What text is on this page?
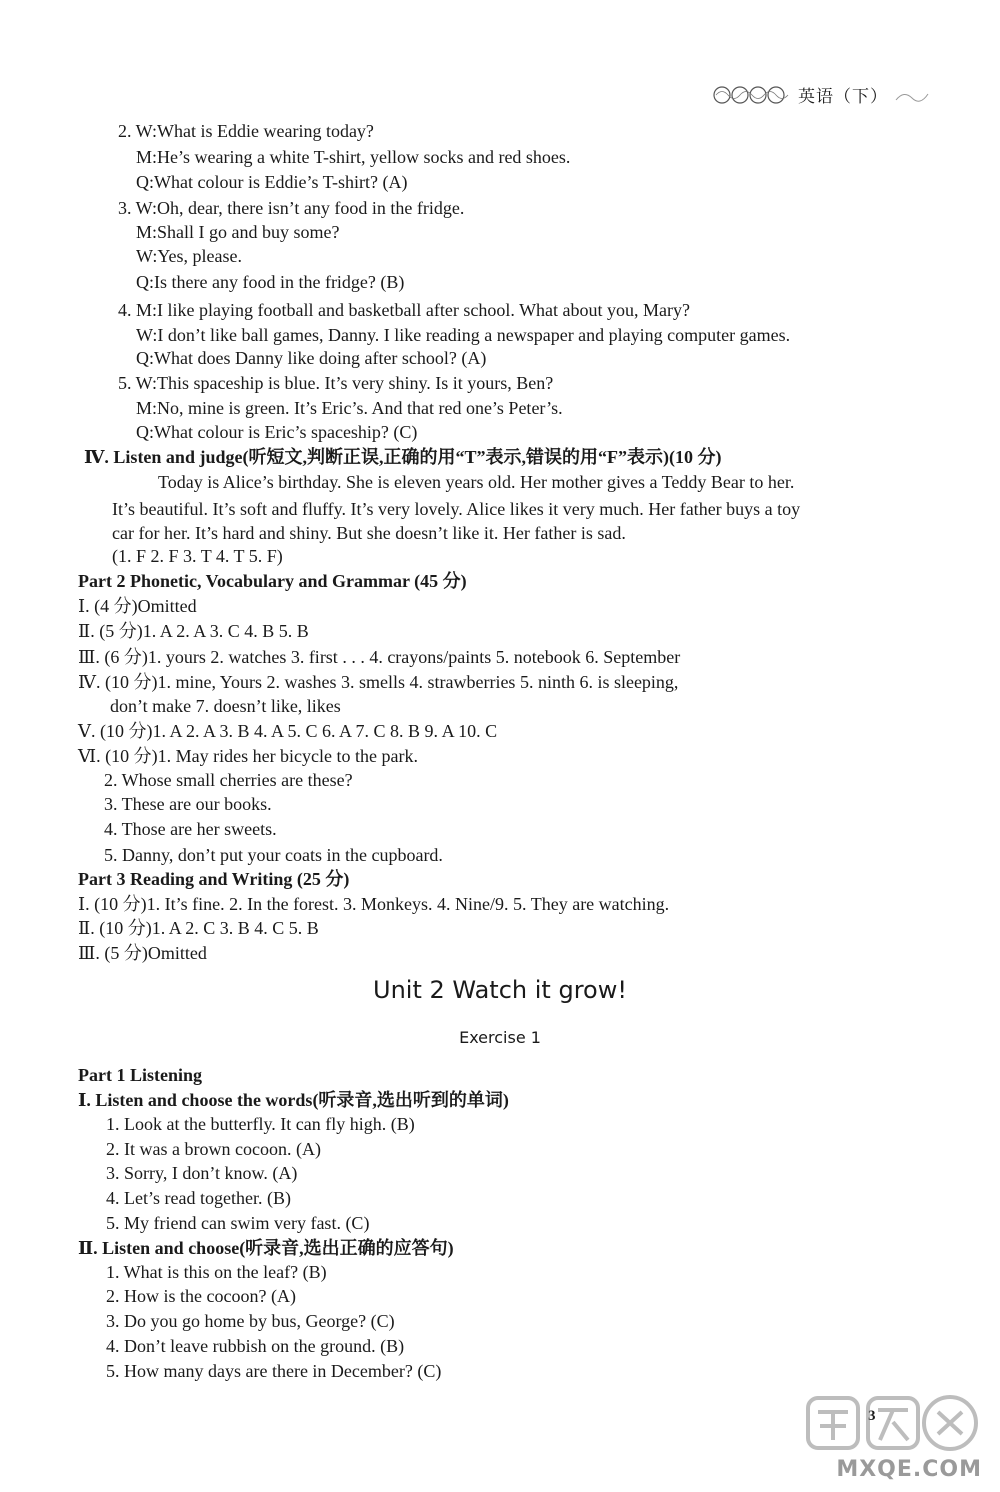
英语（下）
2. W:What is Eddie wearing today?
M:He’s wearing a white T-shirt, yellow socks and red shoes.
Q:What colour is Eddie’s T-shirt? (A)
3. W:Oh, dear, there isn’t any food in the fridge.
M:Shall I go and buy some?
W:Yes, please.
Q:Is there any food in the fridge? (B)
4. M:I like playing football and basketball after school. What about you, Mary?
W:I don’t like ball games, Danny. I like reading a newspaper and playing computer games.
Q:What does Danny like doing after school? (A)
5. W:This spaceship is blue. It’s very shiny. Is it yours, Ben?
M:No, mine is green. It’s Eric’s. And that red one’s Peter’s.
Q:What colour is Eric’s spaceship? (C)
Ⅳ. Listen and judge(听短文,判断正误,正确的用“T”表示,错误的用“F”表示)(10 分)
Today is Alice’s birthday. She is eleven years old. Her mother gives a Teddy Bear to her.
It’s beautiful. It’s soft and fluffy. It’s very lovely. Alice likes it very much. Her father buys a toy
car for her. It’s hard and shiny. But she doesn’t like it. Her father is sad.
(1. F 2. F 3. T 4. T 5. F)
Part 2 Phonetic, Vocabulary and Grammar (45 分)
Ⅰ. (4 分)Omitted
Ⅱ. (5 分)1. A 2. A 3. C 4. B 5. B
Ⅲ. (6 分)1. yours 2. watches 3. first . . . 4. crayons/paints 5. notebook 6. September
Ⅳ. (10 分)1. mine, Yours 2. washes 3. smells 4. strawberries 5. ninth 6. is sleeping,
don’t make 7. doesn’t like, likes
Ⅴ. (10 分)1. A 2. A 3. B 4. A 5. C 6. A 7. C 8. B 9. A 10. C
Ⅵ. (10 分)1. May rides her bicycle to the park.
2. Whose small cherries are these?
3. These are our books.
4. Those are her sweets.
5. Danny, don’t put your coats in the cupboard.
Part 3 Reading and Writing (25 分)
Ⅰ. (10 分)1. It’s fine. 2. In the forest. 3. Monkeys. 4. Nine/9. 5. They are watching.
Ⅱ. (10 分)1. A 2. C 3. B 4. C 5. B
Ⅲ. (5 分)Omitted
Part 1 Listening
Ⅰ. Listen and choose the words(听录音,选出听到的单词)
1. Look at the butterfly. It can fly high. (B)
2. It was a brown cocoon. (A)
3. Sorry, I don’t know. (A)
4. Let’s read together. (B)
5. My friend can swim very fast. (C)
Ⅱ. Listen and choose(听录音,选出正确的应答句)
1. What is this on the leaf? (B)
2. How is the cocoon? (A)
3. Do you go home by bus, George? (C)
4. Don’t leave rubbish on the ground. (B)
5. How many days are there in December? (C)
Unit 2 Watch it grow!
Exercise 1
3
MXQE.COM
